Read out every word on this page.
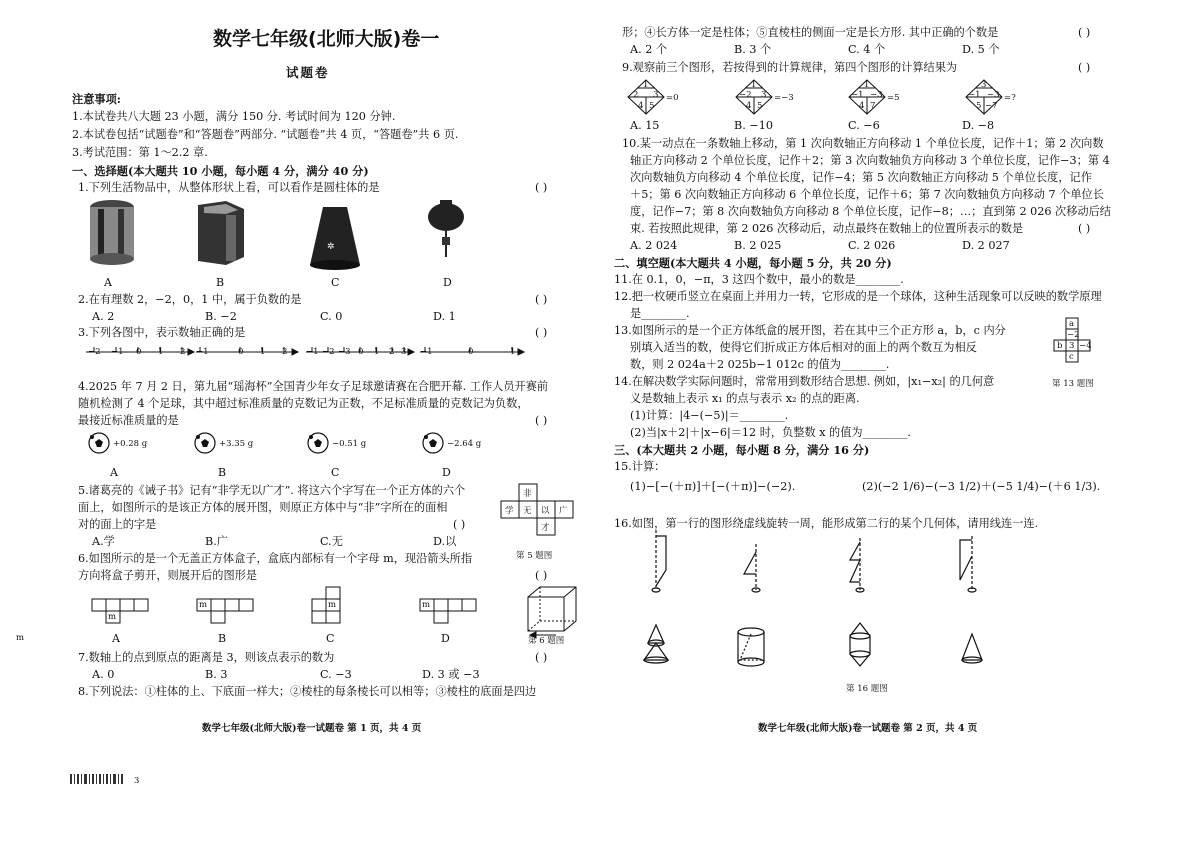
数学七年级(北师大版)卷一
试题卷
注意事项:
1.本试卷共八大题 23 小题，满分 150 分. 考试时间为 120 分钟.
2.本试卷包括“试题卷”和“答题卷”两部分. “试题卷”共 4 页，“答题卷”共 6 页.
3.考试范围：第 1～2.2 章.
一、选择题(本大题共 10 小题，每小题 4 分，满分 40 分)
1.下列生活物品中，从整体形状上看，可以看作是圆柱体的是	( )
✲
A	B	C	D
2.在有理数 2，−2，0，1 中，属于负数的是	( )
A. 2	B. −2	C. 0	D. 1
3.下列各图中，表示数轴正确的是	( )
−2 −1 0 1 2 −1	0 1 2 −1 −2 −3 0 1 2 3 −1	0	1
4.2025 年 7 月 2 日，第九届“瑶海杯”全国青少年女子足球邀请赛在合肥开幕. 工作人员开赛前
随机检测了 4 个足球，其中超过标准质量的克数记为正数，不足标准质量的克数记为负数，
最接近标准质量的是	( )
+0.28 g	+3.35 g	−0.51 g	−2.64 g
A	B	C	D
5.诸葛亮的《诫子书》记有“非学无以广才”. 将这六个字写在一个正方体的六个
面上，如图所示的是该正方体的展开图，则原正方体中与“非”字所在的面相
对的面上的字是	( )
A.学	B.广	C.无	D.以
非
学 无 以 广
才
第 5 题图
6.如图所示的是一个无盖正方体盒子，盒底内部标有一个字母 m，现沿箭头所指
方向将盒子剪开，则展开后的图形是	( )
m
m	m	m
m	A	B	C	D	第 6 题图
7.数轴上的点到原点的距离是 3，则该点表示的数为	( )
A. 0	B. 3	C. −3	D. 3 或 −3
8.下列说法：①柱体的上、下底面一样大；②棱柱的每条棱长可以相等；③棱柱的底面是四边
数学七年级(北师大版)卷一试题卷 第 1 页，共 4 页
3
形；④长方体一定是柱体；⑤直棱柱的侧面一定是长方形. 其中正确的个数是	( )
A. 2 个	B. 3 个	C. 4 个	D. 5 个
9.观察前三个图形，若按得到的计算规律，第四个图形的计算结果为	( )
1
2 3
4 5
=0
1
−2 3
4 5
=−3
1
−1 −3
4 7
=5
3
−1 −3
5 −7
=?
A. 15	B. −10	C. −6	D. −8
10.某一动点在一条数轴上移动，第 1 次向数轴正方向移动 1 个单位长度，记作＋1；第 2 次向数
轴正方向移动 2 个单位长度，记作＋2；第 3 次向数轴负方向移动 3 个单位长度，记作−3；第 4
次向数轴负方向移动 4 个单位长度，记作−4；第 5 次向数轴正方向移动 5 个单位长度，记作
＋5；第 6 次向数轴正方向移动 6 个单位长度，记作＋6；第 7 次向数轴负方向移动 7 个单位长
度，记作−7；第 8 次向数轴负方向移动 8 个单位长度，记作−8；…；直到第 2 026 次移动后结
束. 若按照此规律，第 2 026 次移动后，动点最终在数轴上的位置所表示的数是	( )
A. 2 024	B. 2 025	C. 2 026	D. 2 027
二、填空题(本大题共 4 小题，每小题 5 分，共 20 分)
11.在 0.1，0，−π，3 这四个数中，最小的数是________.
12.把一枚硬币竖立在桌面上并用力一转，它形成的是一个球体，这种生活现象可以反映的数学原理
是________.
13.如图所示的是一个正方体纸盒的展开图，若在其中三个正方形 a，b，c 内分
别填入适当的数，使得它们折成正方体后相对的面上的两个数互为相反
数，则 2 024a＋2 025b−1 012c 的值为________.
a
−2
b 3 −4
c
第 13 题图
14.在解决数学实际问题时，常常用到数形结合思想. 例如，|x₁−x₂| 的几何意
义是数轴上表示 x₁ 的点与表示 x₂ 的点的距离.
(1)计算：|4−(−5)|＝________.
(2)当|x＋2|＋|x−6|＝12 时，负整数 x 的值为________.
三、(本大题共 2 小题，每小题 8 分，满分 16 分)
15.计算：
(1)−[−(＋π)]＋[−(＋π)]−(−2).	(2)(−2 1/6)−(−3 1/2)＋(−5 1/4)−(＋6 1/3).
16.如图，第一行的图形绕虚线旋转一周，能形成第二行的某个几何体，请用线连一连.
第 16 题图
数学七年级(北师大版)卷一试题卷 第 2 页，共 4 页
